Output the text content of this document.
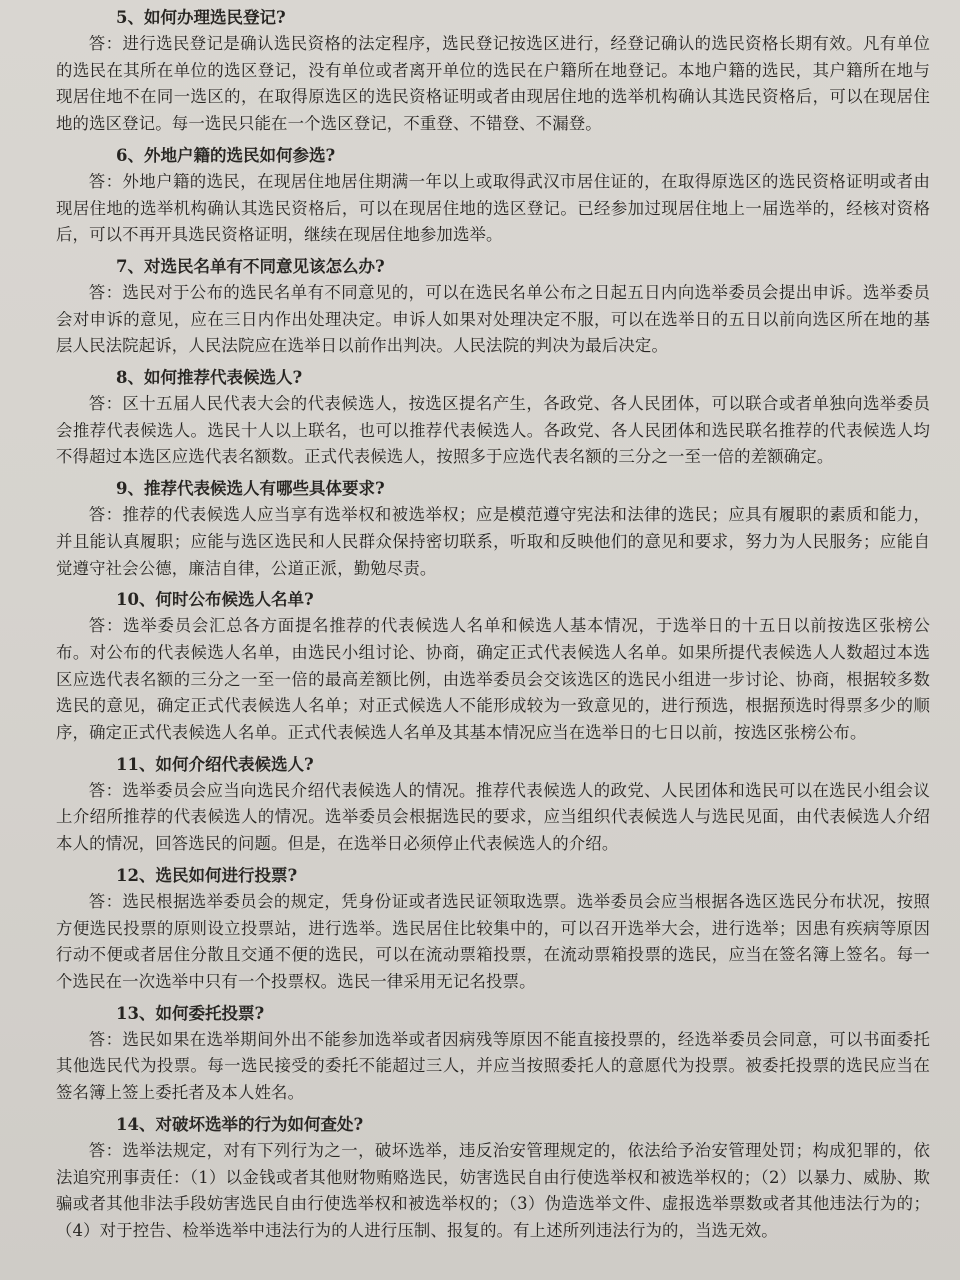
5、如何办理选民登记?

答：进行选民登记是确认选民资格的法定程序，选民登记按选区进行，经登记确认的选民资格长期有效。凡有单位的选民在其所在单位的选区登记，没有单位或者离开单位的选民在户籍所在地登记。本地户籍的选民，其户籍所在地与现居住地不在同一选区的，在取得原选区的选民资格证明或者由现居住地的选举机构确认其选民资格后，可以在现居住地的选区登记。每一选民只能在一个选区登记，不重登、不错登、不漏登。

6、外地户籍的选民如何参选?

答：外地户籍的选民，在现居住地居住期满一年以上或取得武汉市居住证的，在取得原选区的选民资格证明或者由现居住地的选举机构确认其选民资格后，可以在现居住地的选区登记。已经参加过现居住地上一届选举的，经核对资格后，可以不再开具选民资格证明，继续在现居住地参加选举。

7、对选民名单有不同意见该怎么办?

答：选民对于公布的选民名单有不同意见的，可以在选民名单公布之日起五日内向选举委员会提出申诉。选举委员会对申诉的意见，应在三日内作出处理决定。申诉人如果对处理决定不服，可以在选举日的五日以前向选区所在地的基层人民法院起诉，人民法院应在选举日以前作出判决。人民法院的判决为最后决定。

8、如何推荐代表候选人?

答：区十五届人民代表大会的代表候选人，按选区提名产生，各政党、各人民团体，可以联合或者单独向选举委员会推荐代表候选人。选民十人以上联名，也可以推荐代表候选人。各政党、各人民团体和选民联名推荐的代表候选人均不得超过本选区应选代表名额数。正式代表候选人，按照多于应选代表名额的三分之一至一倍的差额确定。

9、推荐代表候选人有哪些具体要求?

答：推荐的代表候选人应当享有选举权和被选举权；应是模范遵守宪法和法律的选民；应具有履职的素质和能力，并且能认真履职；应能与选区选民和人民群众保持密切联系，听取和反映他们的意见和要求，努力为人民服务；应能自觉遵守社会公德，廉洁自律，公道正派，勤勉尽责。

10、何时公布候选人名单?

答：选举委员会汇总各方面提名推荐的代表候选人名单和候选人基本情况，于选举日的十五日以前按选区张榜公布。对公布的代表候选人名单，由选民小组讨论、协商，确定正式代表候选人名单。如果所提代表候选人人数超过本选区应选代表名额的三分之一至一倍的最高差额比例，由选举委员会交该选区的选民小组进一步讨论、协商，根据较多数选民的意见，确定正式代表候选人名单；对正式候选人不能形成较为一致意见的，进行预选，根据预选时得票多少的顺序，确定正式代表候选人名单。正式代表候选人名单及其基本情况应当在选举日的七日以前，按选区张榜公布。

11、如何介绍代表候选人?

答：选举委员会应当向选民介绍代表候选人的情况。推荐代表候选人的政党、人民团体和选民可以在选民小组会议上介绍所推荐的代表候选人的情况。选举委员会根据选民的要求，应当组织代表候选人与选民见面，由代表候选人介绍本人的情况，回答选民的问题。但是，在选举日必须停止代表候选人的介绍。

12、选民如何进行投票?

答：选民根据选举委员会的规定，凭身份证或者选民证领取选票。选举委员会应当根据各选区选民分布状况，按照方便选民投票的原则设立投票站，进行选举。选民居住比较集中的，可以召开选举大会，进行选举；因患有疾病等原因行动不便或者居住分散且交通不便的选民，可以在流动票箱投票，在流动票箱投票的选民，应当在签名簿上签名。每一个选民在一次选举中只有一个投票权。选民一律采用无记名投票。

13、如何委托投票?

答：选民如果在选举期间外出不能参加选举或者因病残等原因不能直接投票的，经选举委员会同意，可以书面委托其他选民代为投票。每一选民接受的委托不能超过三人，并应当按照委托人的意愿代为投票。被委托投票的选民应当在签名簿上签上委托者及本人姓名。

14、对破坏选举的行为如何查处?

答：选举法规定，对有下列行为之一，破坏选举，违反治安管理规定的，依法给予治安管理处罚；构成犯罪的，依法追究刑事责任：（1）以金钱或者其他财物贿赂选民，妨害选民自由行使选举权和被选举权的；（2）以暴力、威胁、欺骗或者其他非法手段妨害选民自由行使选举权和被选举权的；（3）伪造选举文件、虚报选举票数或者其他违法行为的；（4）对于控告、检举选举中违法行为的人进行压制、报复的。有上述所列违法行为的，当选无效。
